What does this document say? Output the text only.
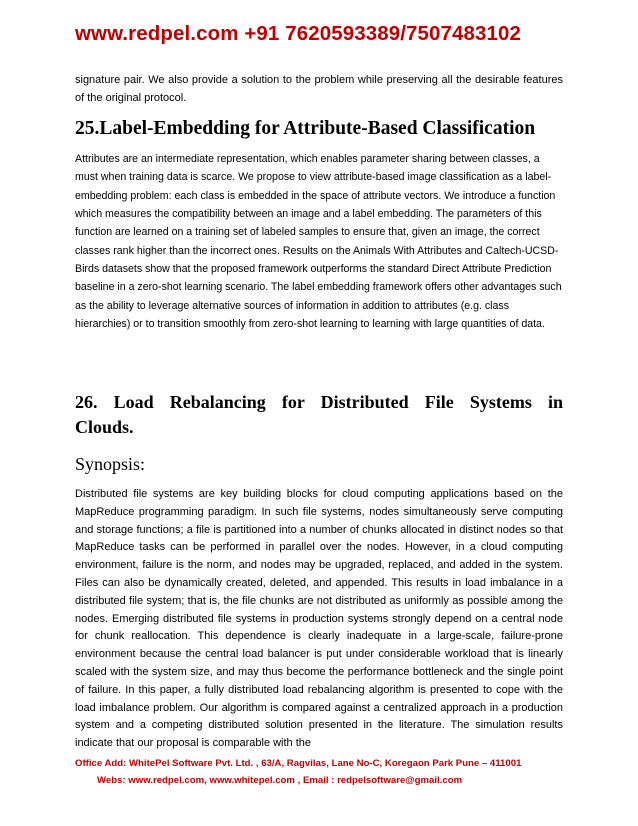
www.redpel.com +91 7620593389/7507483102
signature pair. We also provide a solution to the problem while preserving all the desirable features of the original protocol.
25.Label-Embedding for Attribute-Based Classification
Attributes are an intermediate representation, which enables parameter sharing between classes, a must when training data is scarce. We propose to view attribute-based image classification as a label-embedding problem: each class is embedded in the space of attribute vectors. We introduce a function which measures the compatibility between an image and a label embedding. The parameters of this function are learned on a training set of labeled samples to ensure that, given an image, the correct classes rank higher than the incorrect ones. Results on the Animals With Attributes and Caltech-UCSD-Birds datasets show that the proposed framework outperforms the standard Direct Attribute Prediction baseline in a zero-shot learning scenario. The label embedding framework offers other advantages such as the ability to leverage alternative sources of information in addition to attributes (e.g. class hierarchies) or to transition smoothly from zero-shot learning to learning with large quantities of data.
26. Load Rebalancing for Distributed File Systems in
Clouds.
Synopsis:
Distributed file systems are key building blocks for cloud computing applications based on the MapReduce programming paradigm. In such file systems, nodes simultaneously serve computing and storage functions; a file is partitioned into a number of chunks allocated in distinct nodes so that MapReduce tasks can be performed in parallel over the nodes. However, in a cloud computing environment, failure is the norm, and nodes may be upgraded, replaced, and added in the system. Files can also be dynamically created, deleted, and appended. This results in load imbalance in a distributed file system; that is, the file chunks are not distributed as uniformly as possible among the nodes. Emerging distributed file systems in production systems strongly depend on a central node for chunk reallocation. This dependence is clearly inadequate in a large-scale, failure-prone environment because the central load balancer is put under considerable workload that is linearly scaled with the system size, and may thus become the performance bottleneck and the single point of failure. In this paper, a fully distributed load rebalancing algorithm is presented to cope with the load imbalance problem. Our algorithm is compared against a centralized approach in a production system and a competing distributed solution presented in the literature. The simulation results indicate that our proposal is comparable with the
Office Add: WhitePel Software Pvt. Ltd. , 63/A, Ragvilas, Lane No-C, Koregaon Park Pune – 411001
Webs: www.redpel.com, www.whitepel.com , Email : redpelsoftware@gmail.com
